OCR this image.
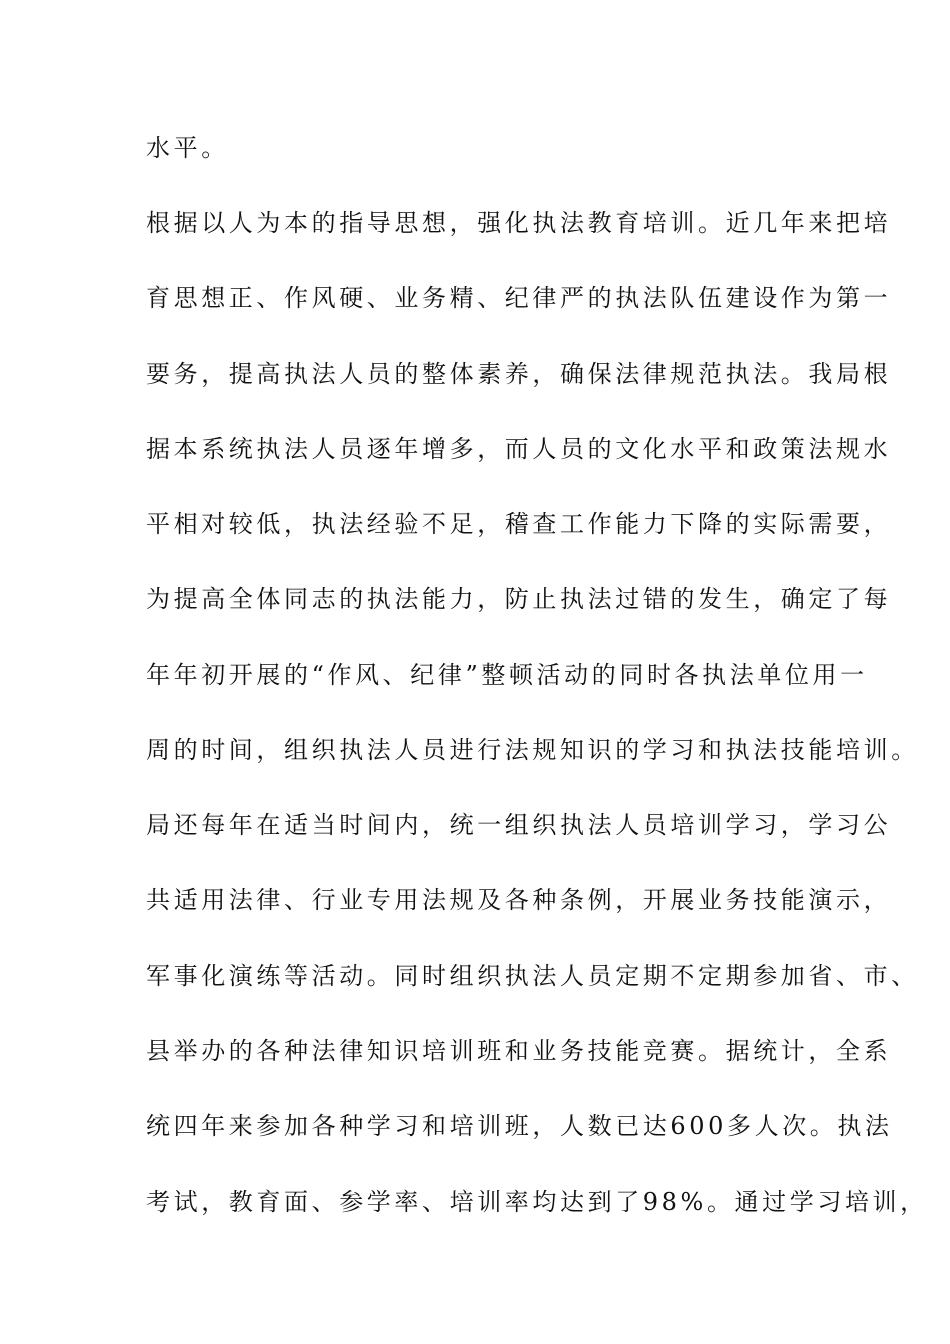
水平。
根据以人为本的指导思想，强化执法教育培训。近几年来把培
育思想正、作风硬、业务精、纪律严的执法队伍建设作为第一
要务，提高执法人员的整体素养，确保法律规范执法。我局根
据本系统执法人员逐年增多，而人员的文化水平和政策法规水
平相对较低，执法经验不足，稽查工作能力下降的实际需要，
为提高全体同志的执法能力，防止执法过错的发生，确定了每
年年初开展的“作风、纪律”整顿活动的同时各执法单位用一
周的时间，组织执法人员进行法规知识的学习和执法技能培训。
局还每年在适当时间内，统一组织执法人员培训学习，学习公
共适用法律、行业专用法规及各种条例，开展业务技能演示，
军事化演练等活动。同时组织执法人员定期不定期参加省、市、
县举办的各种法律知识培训班和业务技能竞赛。据统计，全系
统四年来参加各种学习和培训班，人数已达600多人次。执法
考试，教育面、参学率、培训率均达到了98%。通过学习培训，
